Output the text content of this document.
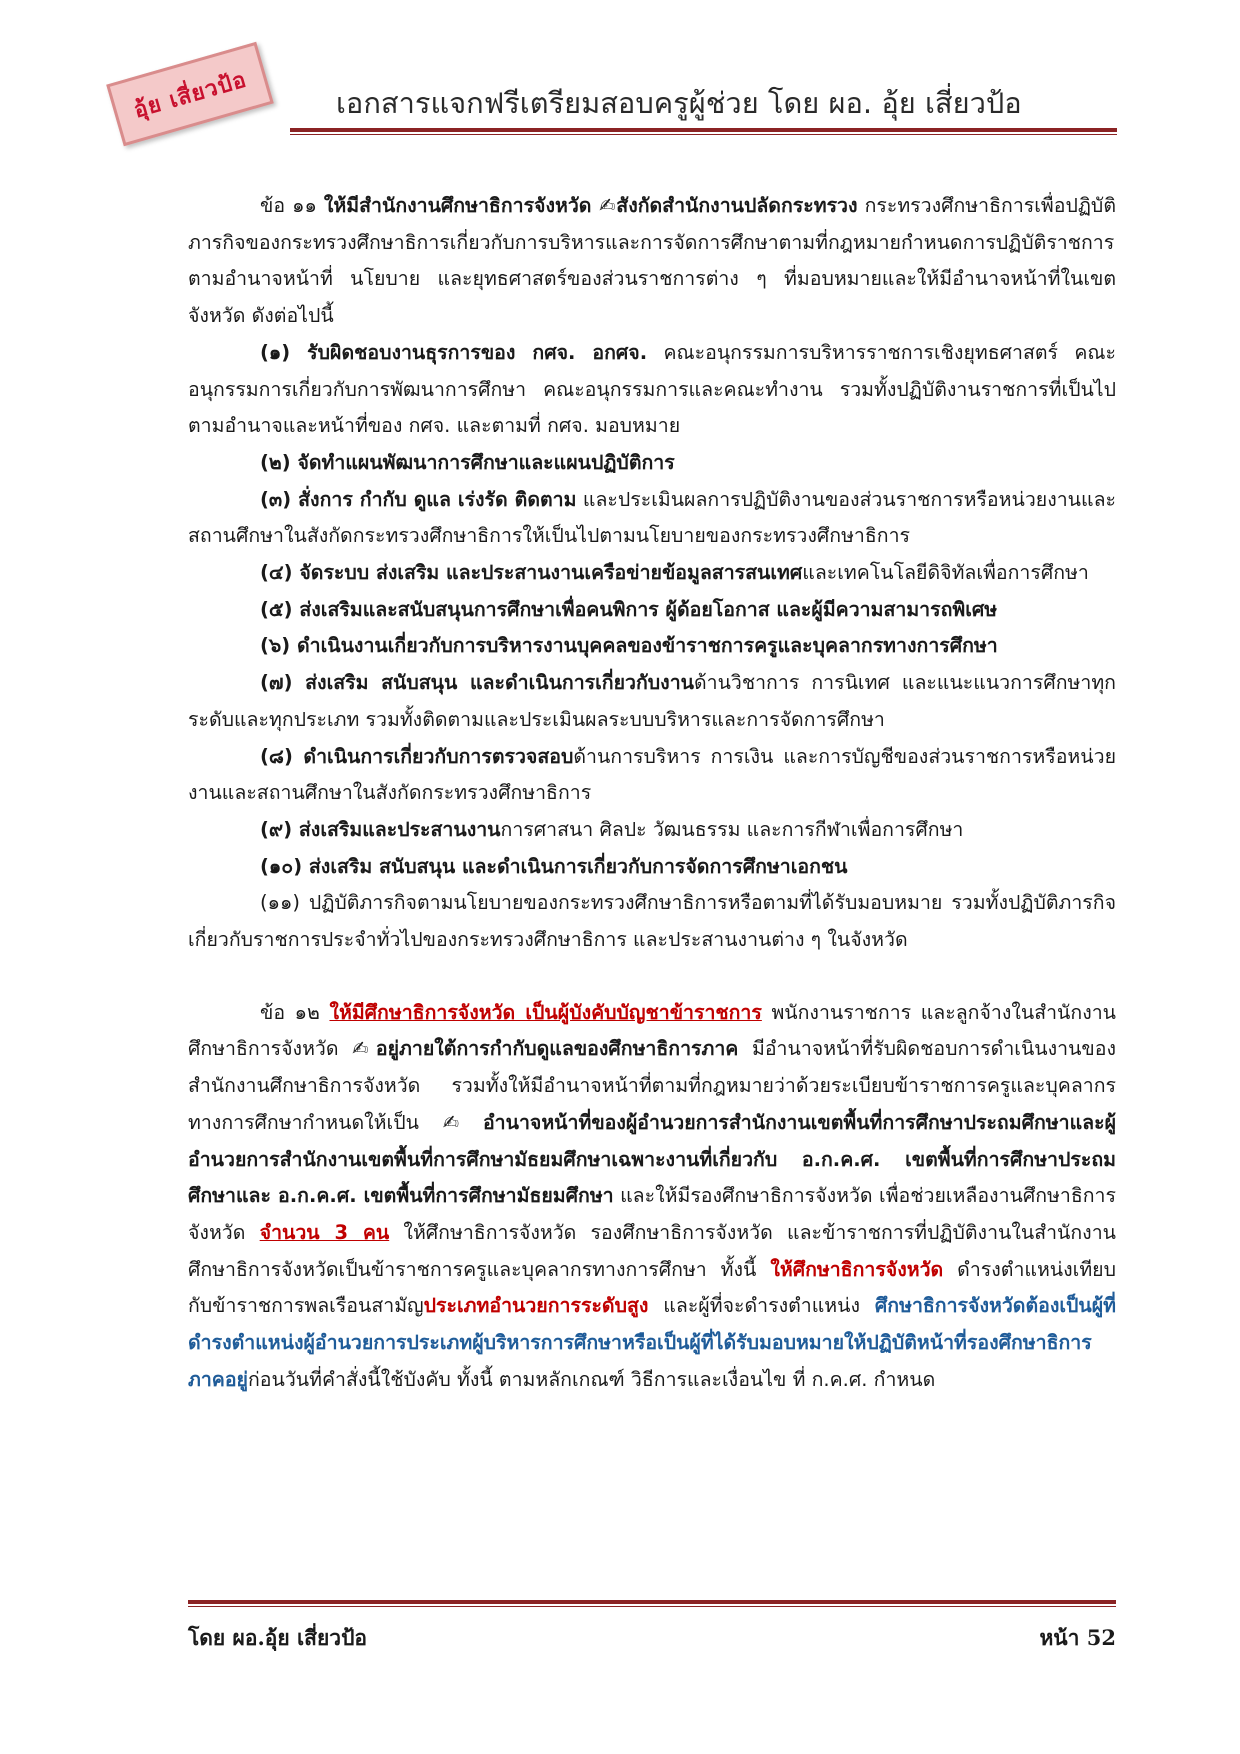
อุ้ย เสี่ยวป้อ	เอกสารแจกฟรีเตรียมสอบครูผู้ช่วย โดย ผอ. อุ้ย เสี่ยวป้อ

ข้อ ๑๑ ให้มีสำนักงานศึกษาธิการจังหวัด ✍สังกัดสำนักงานปลัดกระทรวง กระทรวงศึกษาธิการเพื่อปฏิบัติภารกิจของกระทรวงศึกษาธิการเกี่ยวกับการบริหารและการจัดการศึกษาตามที่กฎหมายกำหนดการปฏิบัติราชการตามอำนาจหน้าที่ นโยบาย และยุทธศาสตร์ของส่วนราชการต่าง ๆ ที่มอบหมายและให้มีอำนาจหน้าที่ในเขตจังหวัด ดังต่อไปนี้

(๑) รับผิดชอบงานธุรการของ กศจ. อกศจ. คณะอนุกรรมการบริหารราชการเชิงยุทธศาสตร์ คณะอนุกรรมการเกี่ยวกับการพัฒนาการศึกษา คณะอนุกรรมการและคณะทำงาน รวมทั้งปฏิบัติงานราชการที่เป็นไปตามอำนาจและหน้าที่ของ กศจ. และตามที่ กศจ. มอบหมาย

(๒) จัดทำแผนพัฒนาการศึกษาและแผนปฏิบัติการ

(๓) สั่งการ กำกับ ดูแล เร่งรัด ติดตาม และประเมินผลการปฏิบัติงานของส่วนราชการหรือหน่วยงานและสถานศึกษาในสังกัดกระทรวงศึกษาธิการให้เป็นไปตามนโยบายของกระทรวงศึกษาธิการ

(๔) จัดระบบ ส่งเสริม และประสานงานเครือข่ายข้อมูลสารสนเทศและเทคโนโลยีดิจิทัลเพื่อการศึกษา

(๕) ส่งเสริมและสนับสนุนการศึกษาเพื่อคนพิการ ผู้ด้อยโอกาส และผู้มีความสามารถพิเศษ

(๖) ดำเนินงานเกี่ยวกับการบริหารงานบุคคลของข้าราชการครูและบุคลากรทางการศึกษา

(๗) ส่งเสริม สนับสนุน และดำเนินการเกี่ยวกับงานด้านวิชาการ การนิเทศ และแนะแนวการศึกษาทุกระดับและทุกประเภท รวมทั้งติดตามและประเมินผลระบบบริหารและการจัดการศึกษา

(๘) ดำเนินการเกี่ยวกับการตรวจสอบด้านการบริหาร การเงิน และการบัญชีของส่วนราชการหรือหน่วยงานและสถานศึกษาในสังกัดกระทรวงศึกษาธิการ

(๙) ส่งเสริมและประสานงานการศาสนา ศิลปะ วัฒนธรรม และการกีฬาเพื่อการศึกษา

(๑๐) ส่งเสริม สนับสนุน และดำเนินการเกี่ยวกับการจัดการศึกษาเอกชน

(๑๑) ปฏิบัติภารกิจตามนโยบายของกระทรวงศึกษาธิการหรือตามที่ได้รับมอบหมาย รวมทั้งปฏิบัติภารกิจเกี่ยวกับราชการประจำทั่วไปของกระทรวงศึกษาธิการ และประสานงานต่าง ๆ ในจังหวัด

ข้อ ๑๒ ให้มีศึกษาธิการจังหวัด เป็นผู้บังคับบัญชาข้าราชการ พนักงานราชการ และลูกจ้างในสำนักงานศึกษาธิการจังหวัด ✍อยู่ภายใต้การกำกับดูแลของศึกษาธิการภาค มีอำนาจหน้าที่รับผิดชอบการดำเนินงานของสำนักงานศึกษาธิการจังหวัด รวมทั้งให้มีอำนาจหน้าที่ตามที่กฎหมายว่าด้วยระเบียบข้าราชการครูและบุคลากรทางการศึกษากำหนดให้เป็น✍อำนาจหน้าที่ของผู้อำนวยการสำนักงานเขตพื้นที่การศึกษาประถมศึกษาและผู้อำนวยการสำนักงานเขตพื้นที่การศึกษามัธยมศึกษาเฉพาะงานที่เกี่ยวกับ อ.ก.ค.ศ. เขตพื้นที่การศึกษาประถมศึกษาและ อ.ก.ค.ศ. เขตพื้นที่การศึกษามัธยมศึกษา และให้มีรองศึกษาธิการจังหวัด เพื่อช่วยเหลืองานศึกษาธิการจังหวัด จำนวน 3 คน ให้ศึกษาธิการจังหวัด รองศึกษาธิการจังหวัด และข้าราชการที่ปฏิบัติงานในสำนักงานศึกษาธิการจังหวัดเป็นข้าราชการครูและบุคลากรทางการศึกษา ทั้งนี้ ให้ศึกษาธิการจังหวัด ดำรงตำแหน่งเทียบกับข้าราชการพลเรือนสามัญประเภทอำนวยการระดับสูง และผู้ที่จะดำรงตำแหน่ง ศึกษาธิการจังหวัดต้องเป็นผู้ที่ดำรงตำแหน่งผู้อำนวยการประเภทผู้บริหารการศึกษาหรือเป็นผู้ที่ได้รับมอบหมายให้ปฏิบัติหน้าที่รองศึกษาธิการภาคอยู่ก่อนวันที่คำสั่งนี้ใช้บังคับ ทั้งนี้ ตามหลักเกณฑ์ วิธีการและเงื่อนไข ที่ ก.ค.ศ. กำหนด

โดย ผอ.อุ้ย เสี่ยวป้อ	หน้า 52
